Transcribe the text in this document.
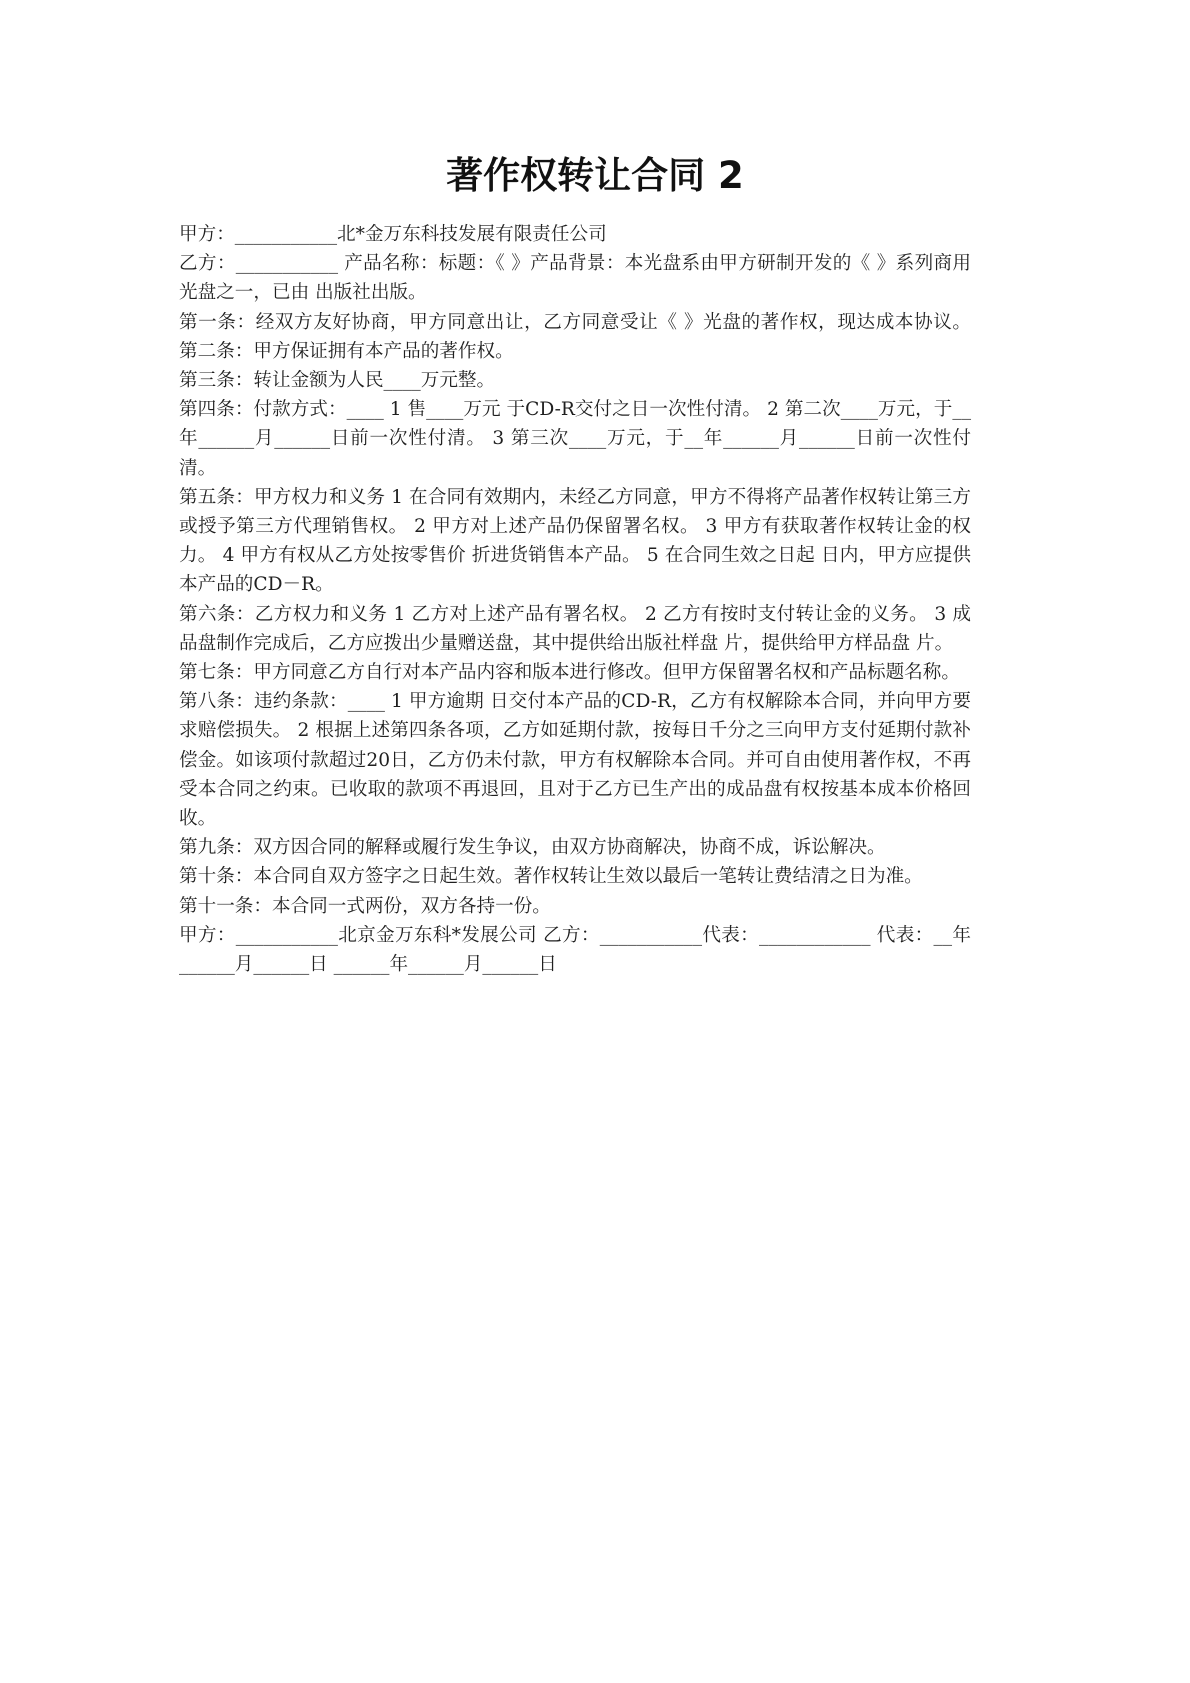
著作权转让合同 2

甲方：___________北*金万东科技发展有限责任公司

乙方：___________ 产品名称：标题：《 》产品背景：本光盘系由甲方研制开发的《 》系列商用光盘之一，已由 出版社出版。

第一条：经双方友好协商，甲方同意出让，乙方同意受让《 》光盘的著作权，现达成本协议。 第二条：甲方保证拥有本产品的著作权。

第三条：转让金额为人民____万元整。

第四条：付款方式：____ 1 售____万元 于CD-R交付之日一次性付清。 2 第二次____万元，于__年______月______日前一次性付清。 3 第三次____万元，于__年______月______日前一次性付清。

第五条：甲方权力和义务 1 在合同有效期内，未经乙方同意，甲方不得将产品著作权转让第三方或授予第三方代理销售权。 2 甲方对上述产品仍保留署名权。 3 甲方有获取著作权转让金的权力。 4 甲方有权从乙方处按零售价 折进货销售本产品。 5 在合同生效之日起 日内，甲方应提供本产品的CD－R。

第六条：乙方权力和义务 1 乙方对上述产品有署名权。 2 乙方有按时支付转让金的义务。 3 成品盘制作完成后，乙方应拨出少量赠送盘，其中提供给出版社样盘 片，提供给甲方样品盘 片。

第七条：甲方同意乙方自行对本产品内容和版本进行修改。但甲方保留署名权和产品标题名称。

第八条：违约条款：____ 1 甲方逾期 日交付本产品的CD-R，乙方有权解除本合同，并向甲方要求赔偿损失。 2 根据上述第四条各项，乙方如延期付款，按每日千分之三向甲方支付延期付款补偿金。如该项付款超过20日，乙方仍未付款，甲方有权解除本合同。并可自由使用著作权，不再受本合同之约束。已收取的款项不再退回，且对于乙方已生产出的成品盘有权按基本成本价格回收。

第九条：双方因合同的解释或履行发生争议，由双方协商解决，协商不成，诉讼解决。

第十条：本合同自双方签字之日起生效。著作权转让生效以最后一笔转让费结清之日为准。

第十一条：本合同一式两份，双方各持一份。

甲方：___________北京金万东科*发展公司 乙方：___________代表：____________ 代表：__年______月______日 ______年______月______日
